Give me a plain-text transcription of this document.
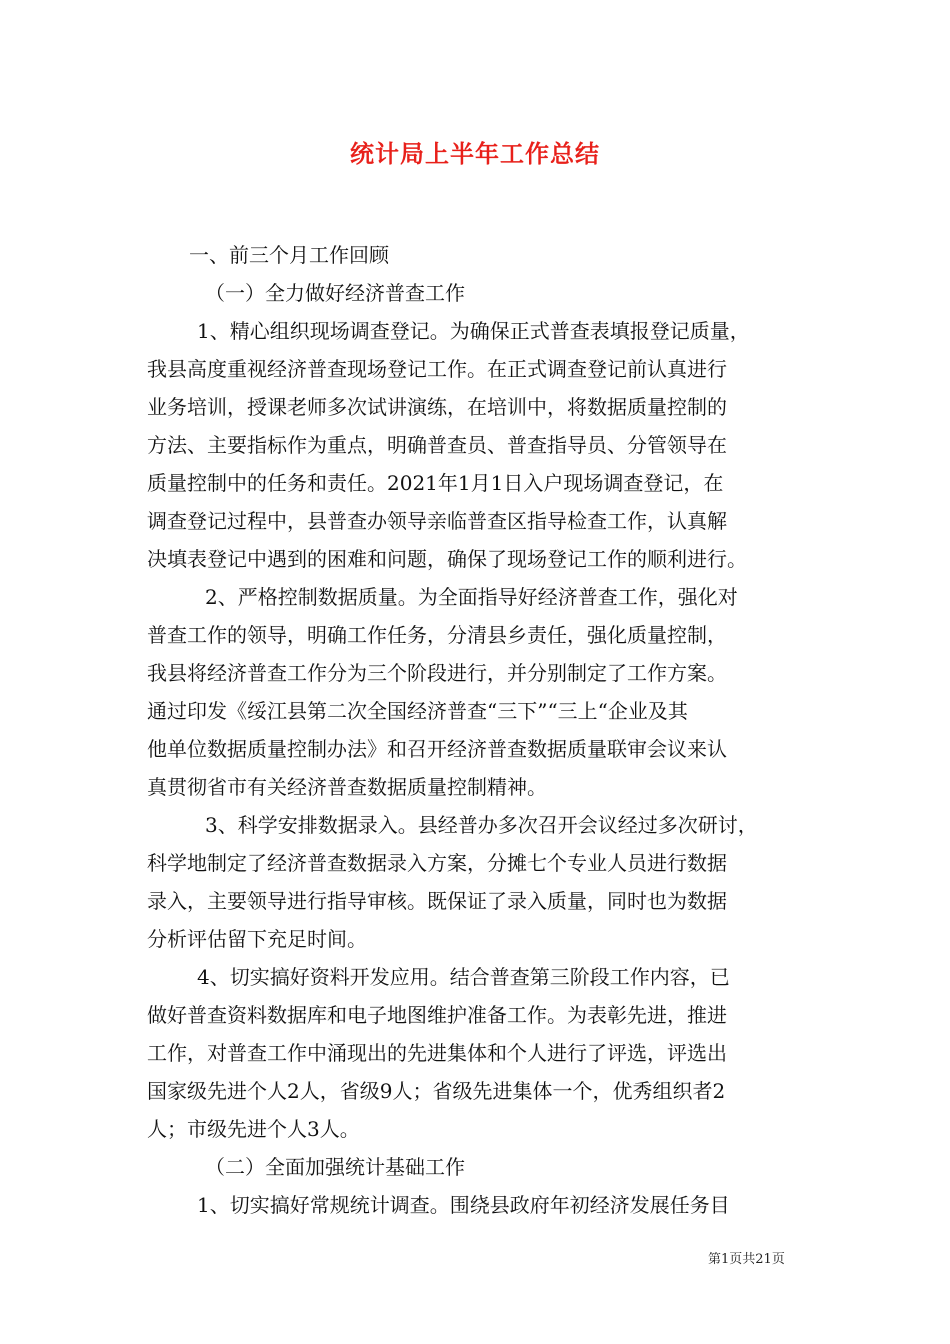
统计局上半年工作总结
一、前三个月工作回顾
（一）全力做好经济普查工作
1、精心组织现场调查登记。为确保正式普查表填报登记质量，
我县高度重视经济普查现场登记工作。在正式调查登记前认真进行
业务培训，授课老师多次试讲演练，在培训中，将数据质量控制的
方法、主要指标作为重点，明确普查员、普查指导员、分管领导在
质量控制中的任务和责任。2021年1月1日入户现场调查登记，在
调查登记过程中，县普查办领导亲临普查区指导检查工作，认真解
决填表登记中遇到的困难和问题，确保了现场登记工作的顺利进行。
2、严格控制数据质量。为全面指导好经济普查工作，强化对
普查工作的领导，明确工作任务，分清县乡责任，强化质量控制，
我县将经济普查工作分为三个阶段进行，并分别制定了工作方案。
通过印发《绥江县第二次全国经济普查“三下”“三上“企业及其
他单位数据质量控制办法》和召开经济普查数据质量联审会议来认
真贯彻省市有关经济普查数据质量控制精神。
3、科学安排数据录入。县经普办多次召开会议经过多次研讨，
科学地制定了经济普查数据录入方案，分摊七个专业人员进行数据
录入，主要领导进行指导审核。既保证了录入质量，同时也为数据
分析评估留下充足时间。
4、切实搞好资料开发应用。结合普查第三阶段工作内容，已
做好普查资料数据库和电子地图维护准备工作。为表彰先进，推进
工作，对普查工作中涌现出的先进集体和个人进行了评选，评选出
国家级先进个人2人，省级9人；省级先进集体一个，优秀组织者2
人；市级先进个人3人。
（二）全面加强统计基础工作
1、切实搞好常规统计调查。围绕县政府年初经济发展任务目
第1页共21页
